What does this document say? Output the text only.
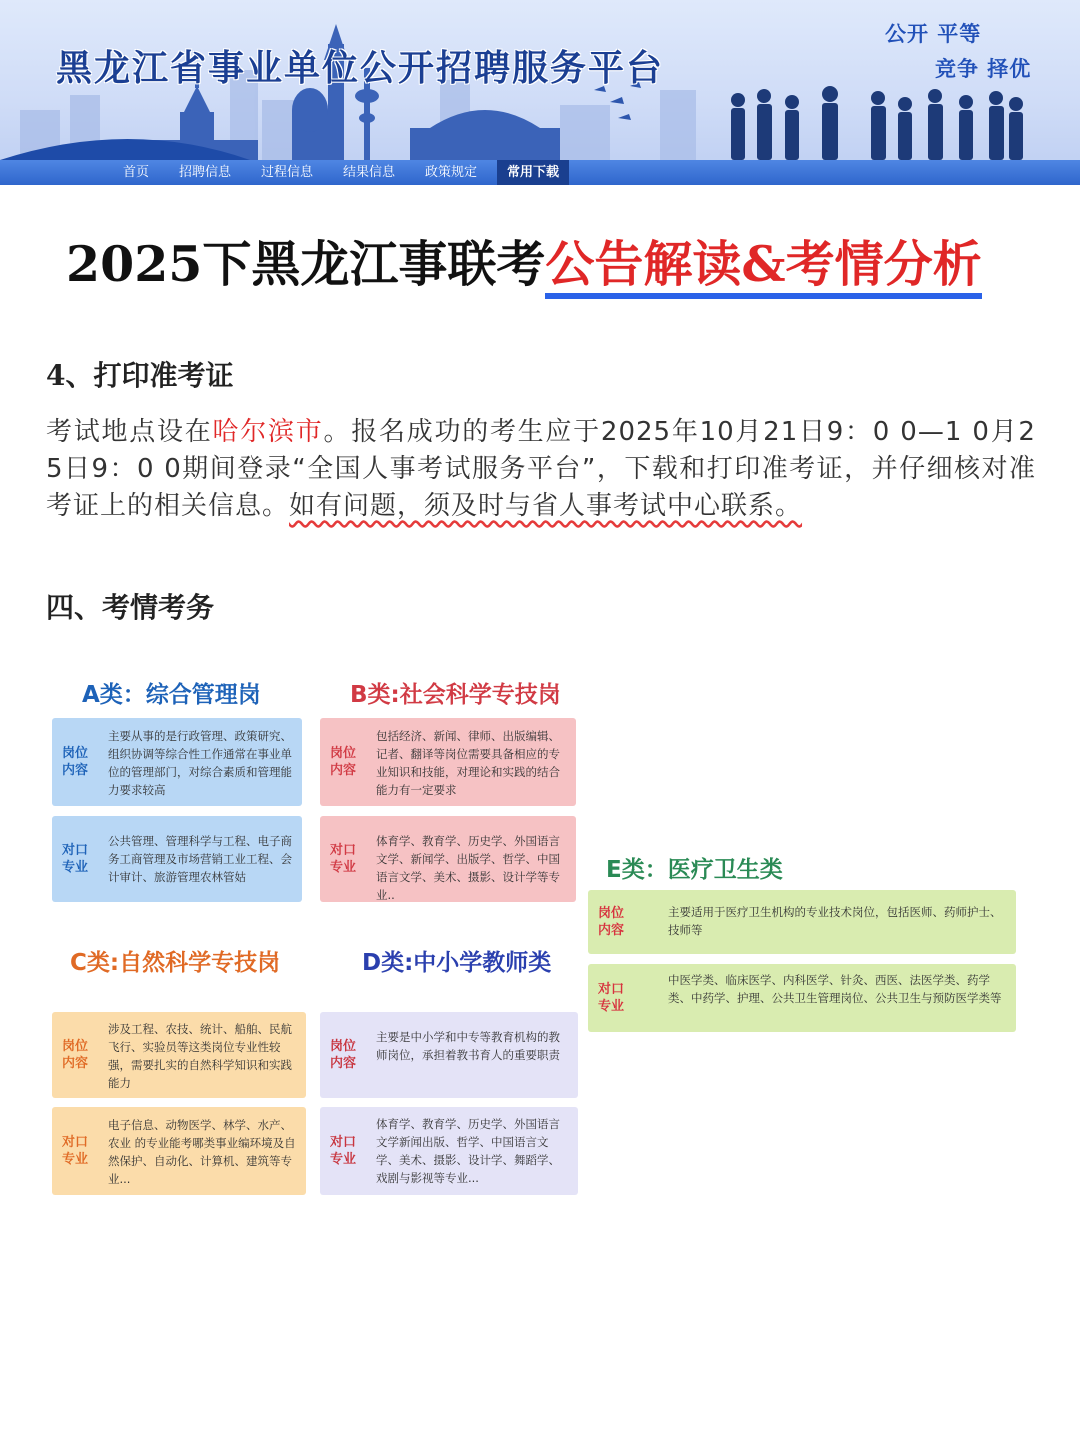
黑龙江省事业单位公开招聘服务平台
公开 平等
竞争 择优
首页 招聘信息 过程信息 结果信息 政策规定	常用下载
2025下黑龙江事联考公告解读&考情分析
4、打印准考证
考试地点设在哈尔滨市。报名成功的考生应于2025年10月21日9：0 0—1 0月2 5日9：0 0期间登录“全国人事考试服务平台”，下载和打印准考证，并仔细核对准考证上的相关信息。如有问题，须及时与省人事考试中心联系。
四、考情考务
A类：综合管理岗
岗位
内容
主要从事的是行政管理、政策研究、组织协调等综合性工作通常在事业单位的管理部门，对综合素质和管理能力要求较高
对口
专业
公共管理、管理科学与工程、电子商务工商管理及市场营销工业工程、会计审计、旅游管理农林管姑
B类:社会科学专技岗
岗位
内容
包括经济、新闻、律师、出版编辑、记者、翻译等岗位需要具备相应的专业知识和技能，对理论和实践的结合能力有一定要求
对口
专业
体育学、教育学、历史学、外国语言文学、新闻学、出版学、哲学、中国语言文学、美术、摄影、设计学等专业..
E类：医疗卫生类
岗位
内容
主要适用于医疗卫生机构的专业技术岗位，包括医师、药师护士、技师等
对口
专业
中医学类、临床医学、内科医学、针灸、西医、法医学类、药学类、中药学、护理、公共卫生管理岗位、公共卫生与预防医学类等
C类:自然科学专技岗
岗位
内容
涉及工程、农技、统计、船舶、民航飞行、实验员等这类岗位专业性较强，需要扎实的自然科学知识和实践能力
对口
专业
电子信息、动物医学、林学、水产、农业 的专业能考哪类事业编环境及自然保护、自动化、计算机、建筑等专业...
D类:中小学教师类
岗位
内容
主要是中小学和中专等教育机构的教师岗位，承担着教书育人的重要职责
对口
专业
体育学、教育学、历史学、外国语言文学新闻出版、哲学、中国语言文学、美术、摄影、设计学、舞蹈学、戏剧与影视等专业...
